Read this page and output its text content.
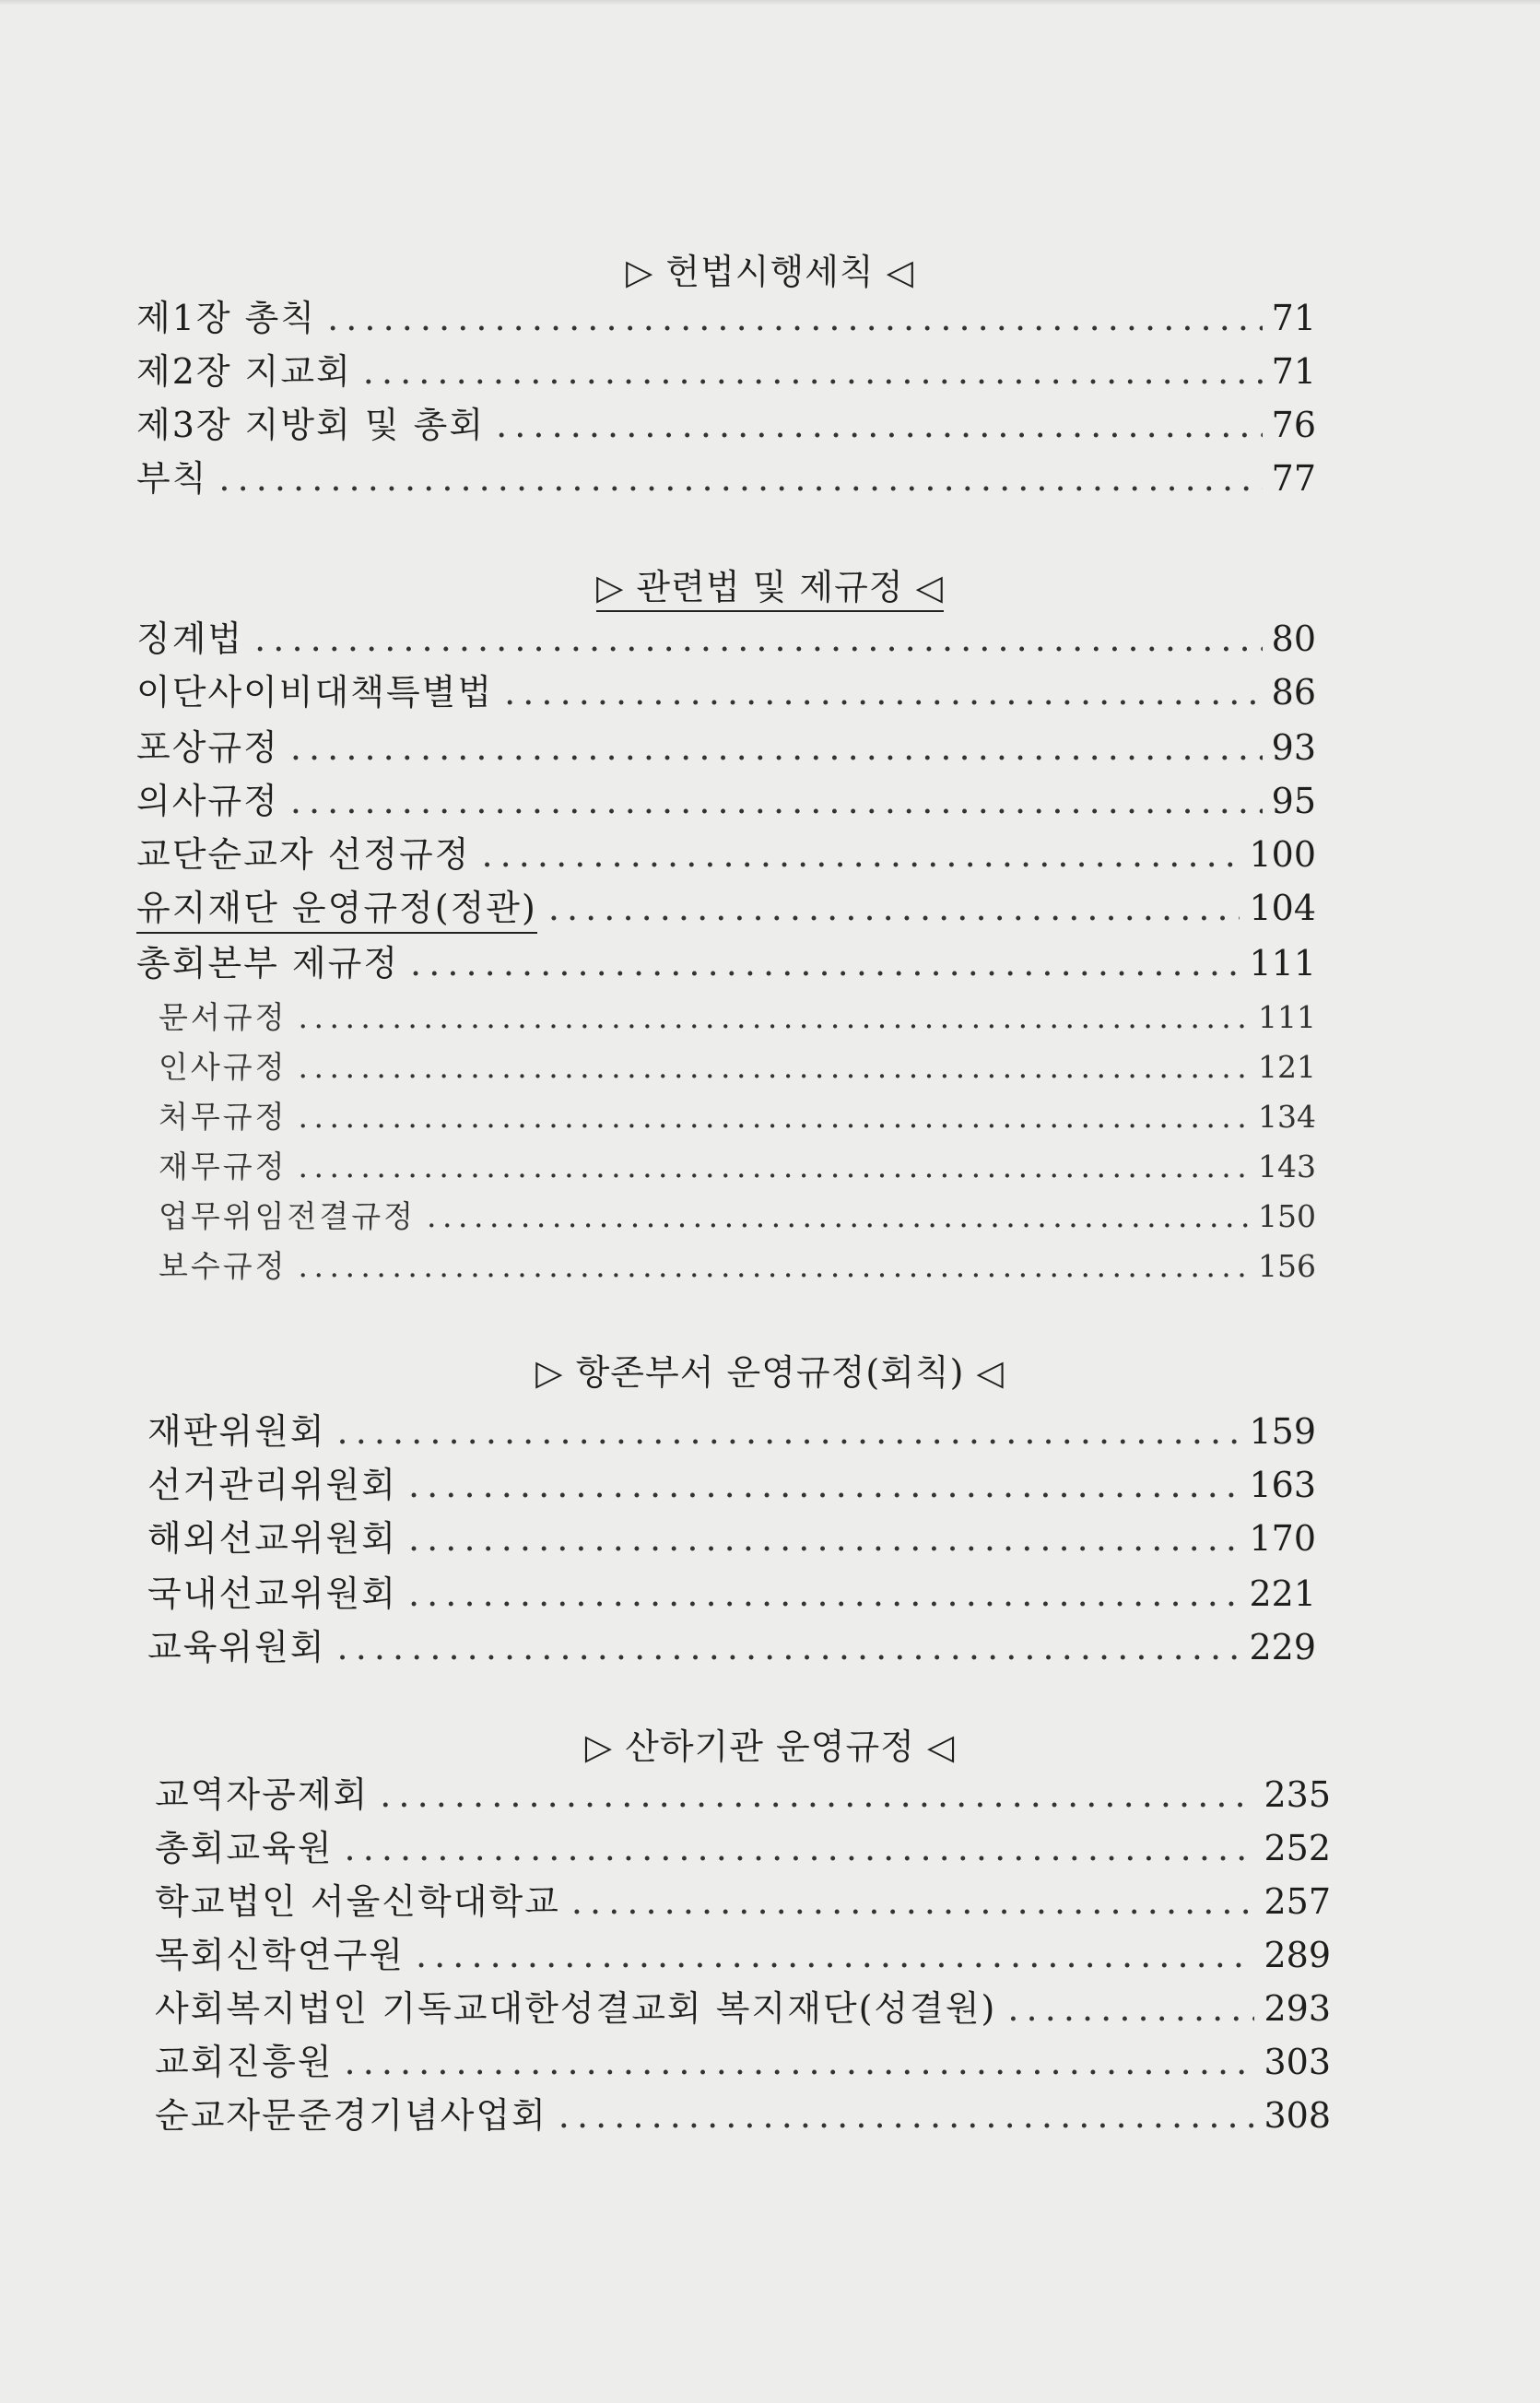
▷ 헌법시행세칙 ◁
제1장 총칙 . . .	71
제2장 지교회 . . .	71
제3장 지방회 및 총회 . . .	76
부칙 . . .	77
▷ 관련법 및 제규정 ◁
징계법 . . .	80
이단사이비대책특별법 . . .	86
포상규정 . . .	93
의사규정 . . .	95
교단순교자 선정규정 . . .	100
유지재단 운영규정(정관) . . .	104
총회본부 제규정 . . .	111
문서규정 . . .	111
인사규정 . . .	121
처무규정 . . .	134
재무규정 . . .	143
업무위임전결규정 . . .	150
보수규정 . . .	156
▷ 항존부서 운영규정(회칙) ◁
재판위원회 . . .	159
선거관리위원회 . . .	163
해외선교위원회 . . .	170
국내선교위원회 . . .	221
교육위원회 . . .	229
▷ 산하기관 운영규정 ◁
교역자공제회 . . .	235
총회교육원 . . .	252
학교법인 서울신학대학교 . . .	257
목회신학연구원 . . .	289
사회복지법인 기독교대한성결교회 복지재단(성결원) . . .	293
교회진흥원 . . .	303
순교자문준경기념사업회 . . .	308
